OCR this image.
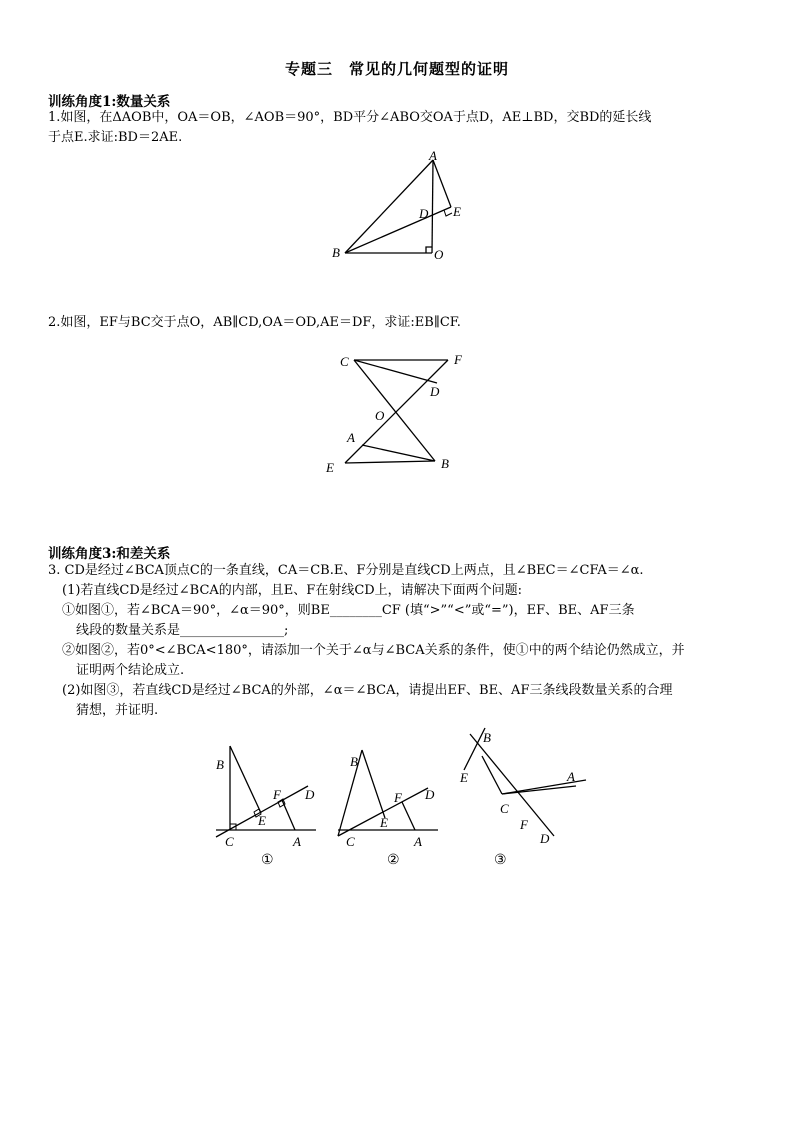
专题三　常见的几何题型的证明
训练角度1:数量关系
1.如图，在ΔAOB中，OA＝OB，∠AOB＝90°，BD平分∠ABO交OA于点D，AE⊥BD，交BD的延长线
于点E.求证:BD＝2AE.
A
B	O
D E
2.如图，EF与BC交于点O，AB∥CD,OA＝OD,AE＝DF，求证:EB∥CF.
C	F
D
O
A
E	B
训练角度3:和差关系
3. CD是经过∠BCA顶点C的一条直线，CA＝CB.E、F分别是直线CD上两点，且∠BEC＝∠CFA＝∠α.
(1)若直线CD是经过∠BCA的内部，且E、F在射线CD上，请解决下面两个问题:
①如图①，若∠BCA＝90°，∠α＝90°，则BE________CF (填“>”“<”或“=”)，EF、BE、AF三条
线段的数量关系是________________;
②如图②，若0°<∠BCA<180°，请添加一个关于∠α与∠BCA关系的条件，使①中的两个结论仍然成立，并
证明两个结论成立.
(2)如图③，若直线CD是经过∠BCA的外部，∠α＝∠BCA，请提出EF、BE、AF三条线段数量关系的合理
猜想，并证明.
B
F D
E
C	A
①
B
F D
E
C	A
②
B
E	A
C
F
D
③
